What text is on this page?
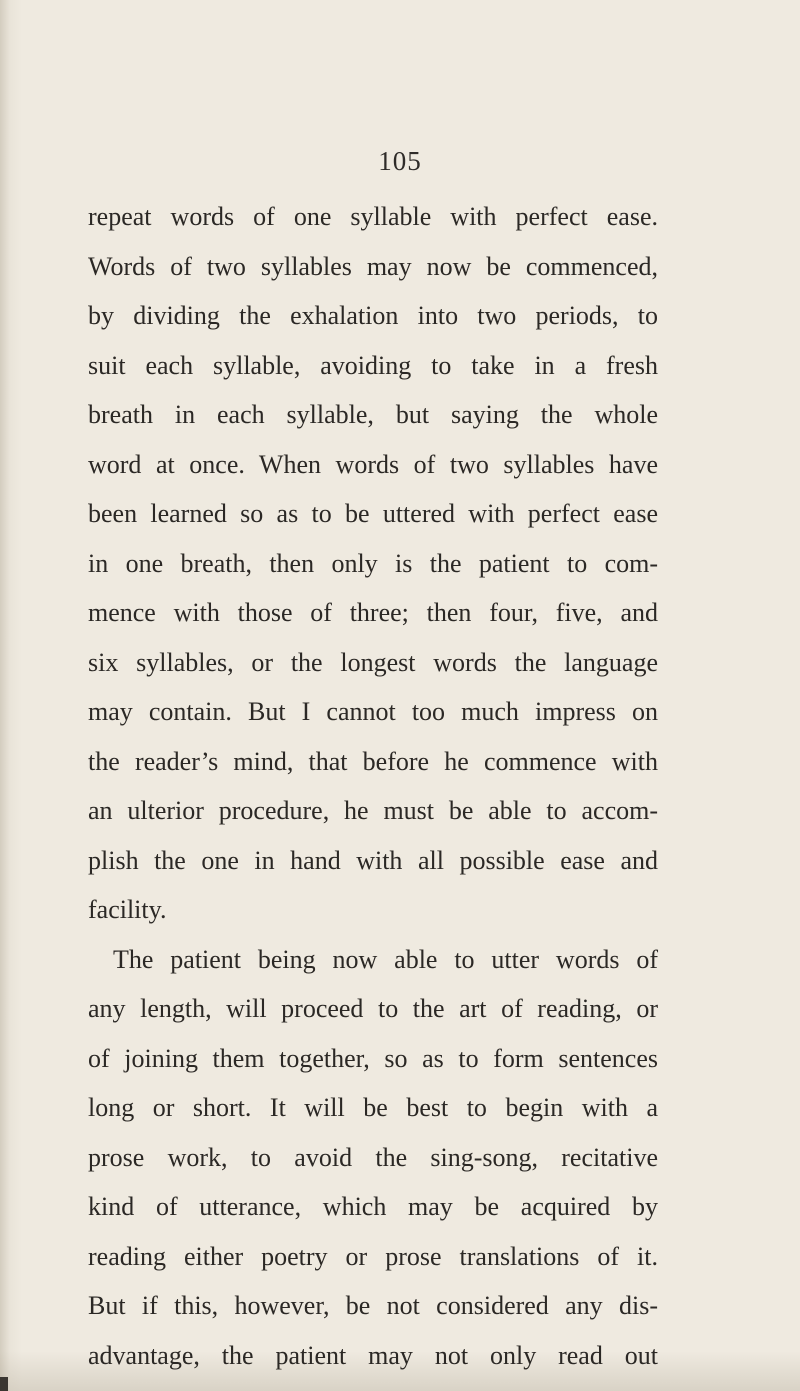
105
repeat words of one syllable with perfect ease.
Words of two syllables may now be commenced,
by dividing the exhalation into two periods, to
suit each syllable, avoiding to take in a fresh
breath in each syllable, but saying the whole
word at once. When words of two syllables have
been learned so as to be uttered with perfect ease
in one breath, then only is the patient to com-
mence with those of three; then four, five, and
six syllables, or the longest words the language
may contain. But I cannot too much impress on
the reader’s mind, that before he commence with
an ulterior procedure, he must be able to accom-
plish the one in hand with all possible ease and
facility.
The patient being now able to utter words of
any length, will proceed to the art of reading, or
of joining them together, so as to form sentences
long or short. It will be best to begin with a
prose work, to avoid the sing-song, recitative
kind of utterance, which may be acquired by
reading either poetry or prose translations of it.
But if this, however, be not considered any dis-
advantage, the patient may not only read out
